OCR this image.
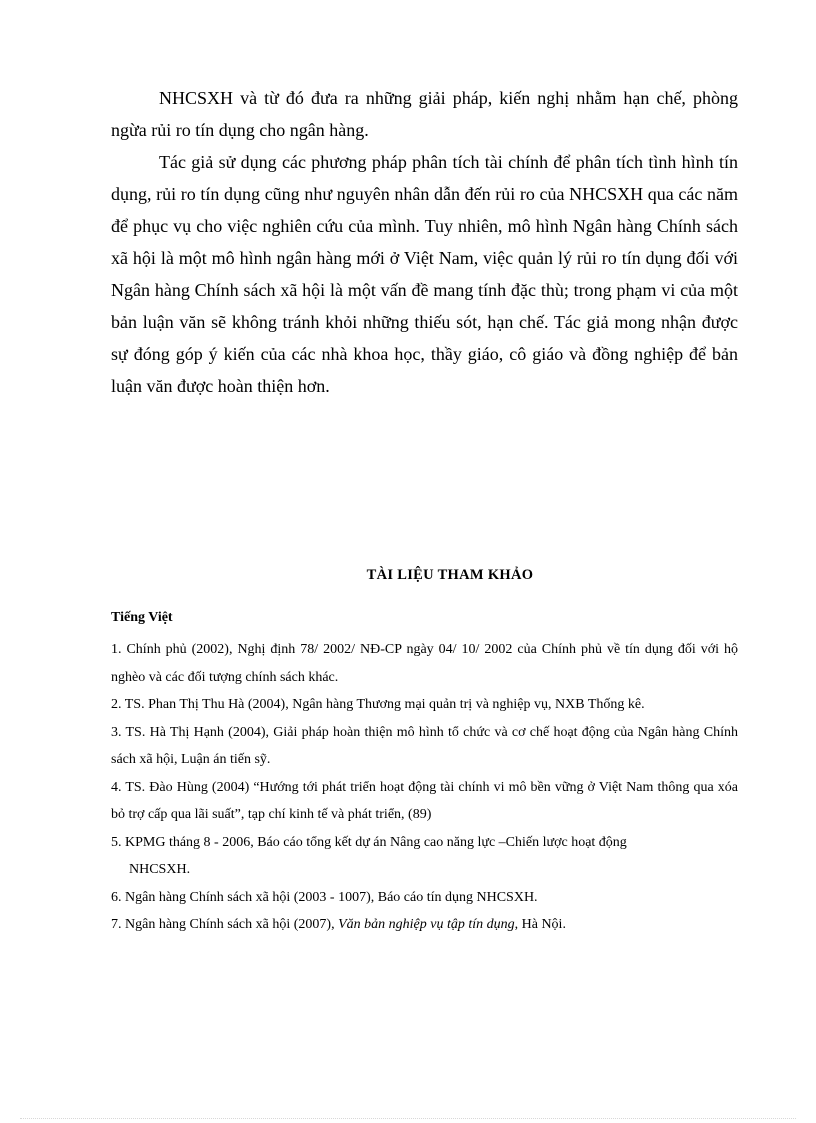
NHCSXH và từ đó đưa ra những giải pháp, kiến nghị nhằm hạn chế, phòng ngừa rủi ro tín dụng cho ngân hàng.

Tác giả sử dụng các phương pháp phân tích tài chính để phân tích tình hình tín dụng, rủi ro tín dụng cũng như nguyên nhân dẫn đến rủi ro của NHCSXH qua các năm để phục vụ cho việc nghiên cứu của mình. Tuy nhiên, mô hình Ngân hàng Chính sách xã hội là một mô hình ngân hàng mới ở Việt Nam, việc quản lý rủi ro tín dụng đối với Ngân hàng Chính sách xã hội là một vấn đề mang tính đặc thù; trong phạm vi của một bản luận văn sẽ không tránh khỏi những thiếu sót, hạn chế. Tác giả mong nhận được sự đóng góp ý kiến của các nhà khoa học, thầy giáo, cô giáo và đồng nghiệp để bản luận văn được hoàn thiện hơn.

TÀI LIỆU THAM KHẢO
Tiếng Việt

1. Chính phủ (2002), Nghị định 78/ 2002/ NĐ-CP ngày 04/ 10/ 2002 của Chính phủ về tín dụng đối với hộ nghèo và các đối tượng chính sách khác.

2. TS. Phan Thị Thu Hà (2004), Ngân hàng Thương mại quản trị và nghiệp vụ, NXB Thống kê.

3. TS. Hà Thị Hạnh (2004), Giải pháp hoàn thiện mô hình tổ chức và cơ chế hoạt động của Ngân hàng Chính sách xã hội, Luận án tiến sỹ.

4. TS. Đào Hùng (2004) “Hướng tới phát triển hoạt động tài chính vi mô bền vững ở Việt Nam thông qua xóa bỏ trợ cấp qua lãi suất”, tạp chí kinh tế và phát triển, (89)

5. KPMG tháng 8 - 2006, Báo cáo tổng kết dự án Nâng cao năng lực –Chiến lược hoạt động
NHCSXH.

6. Ngân hàng Chính sách xã hội (2003 - 1007), Báo cáo tín dụng NHCSXH.

7. Ngân hàng Chính sách xã hội (2007), Văn bản nghiệp vụ tập tín dụng, Hà Nội.
